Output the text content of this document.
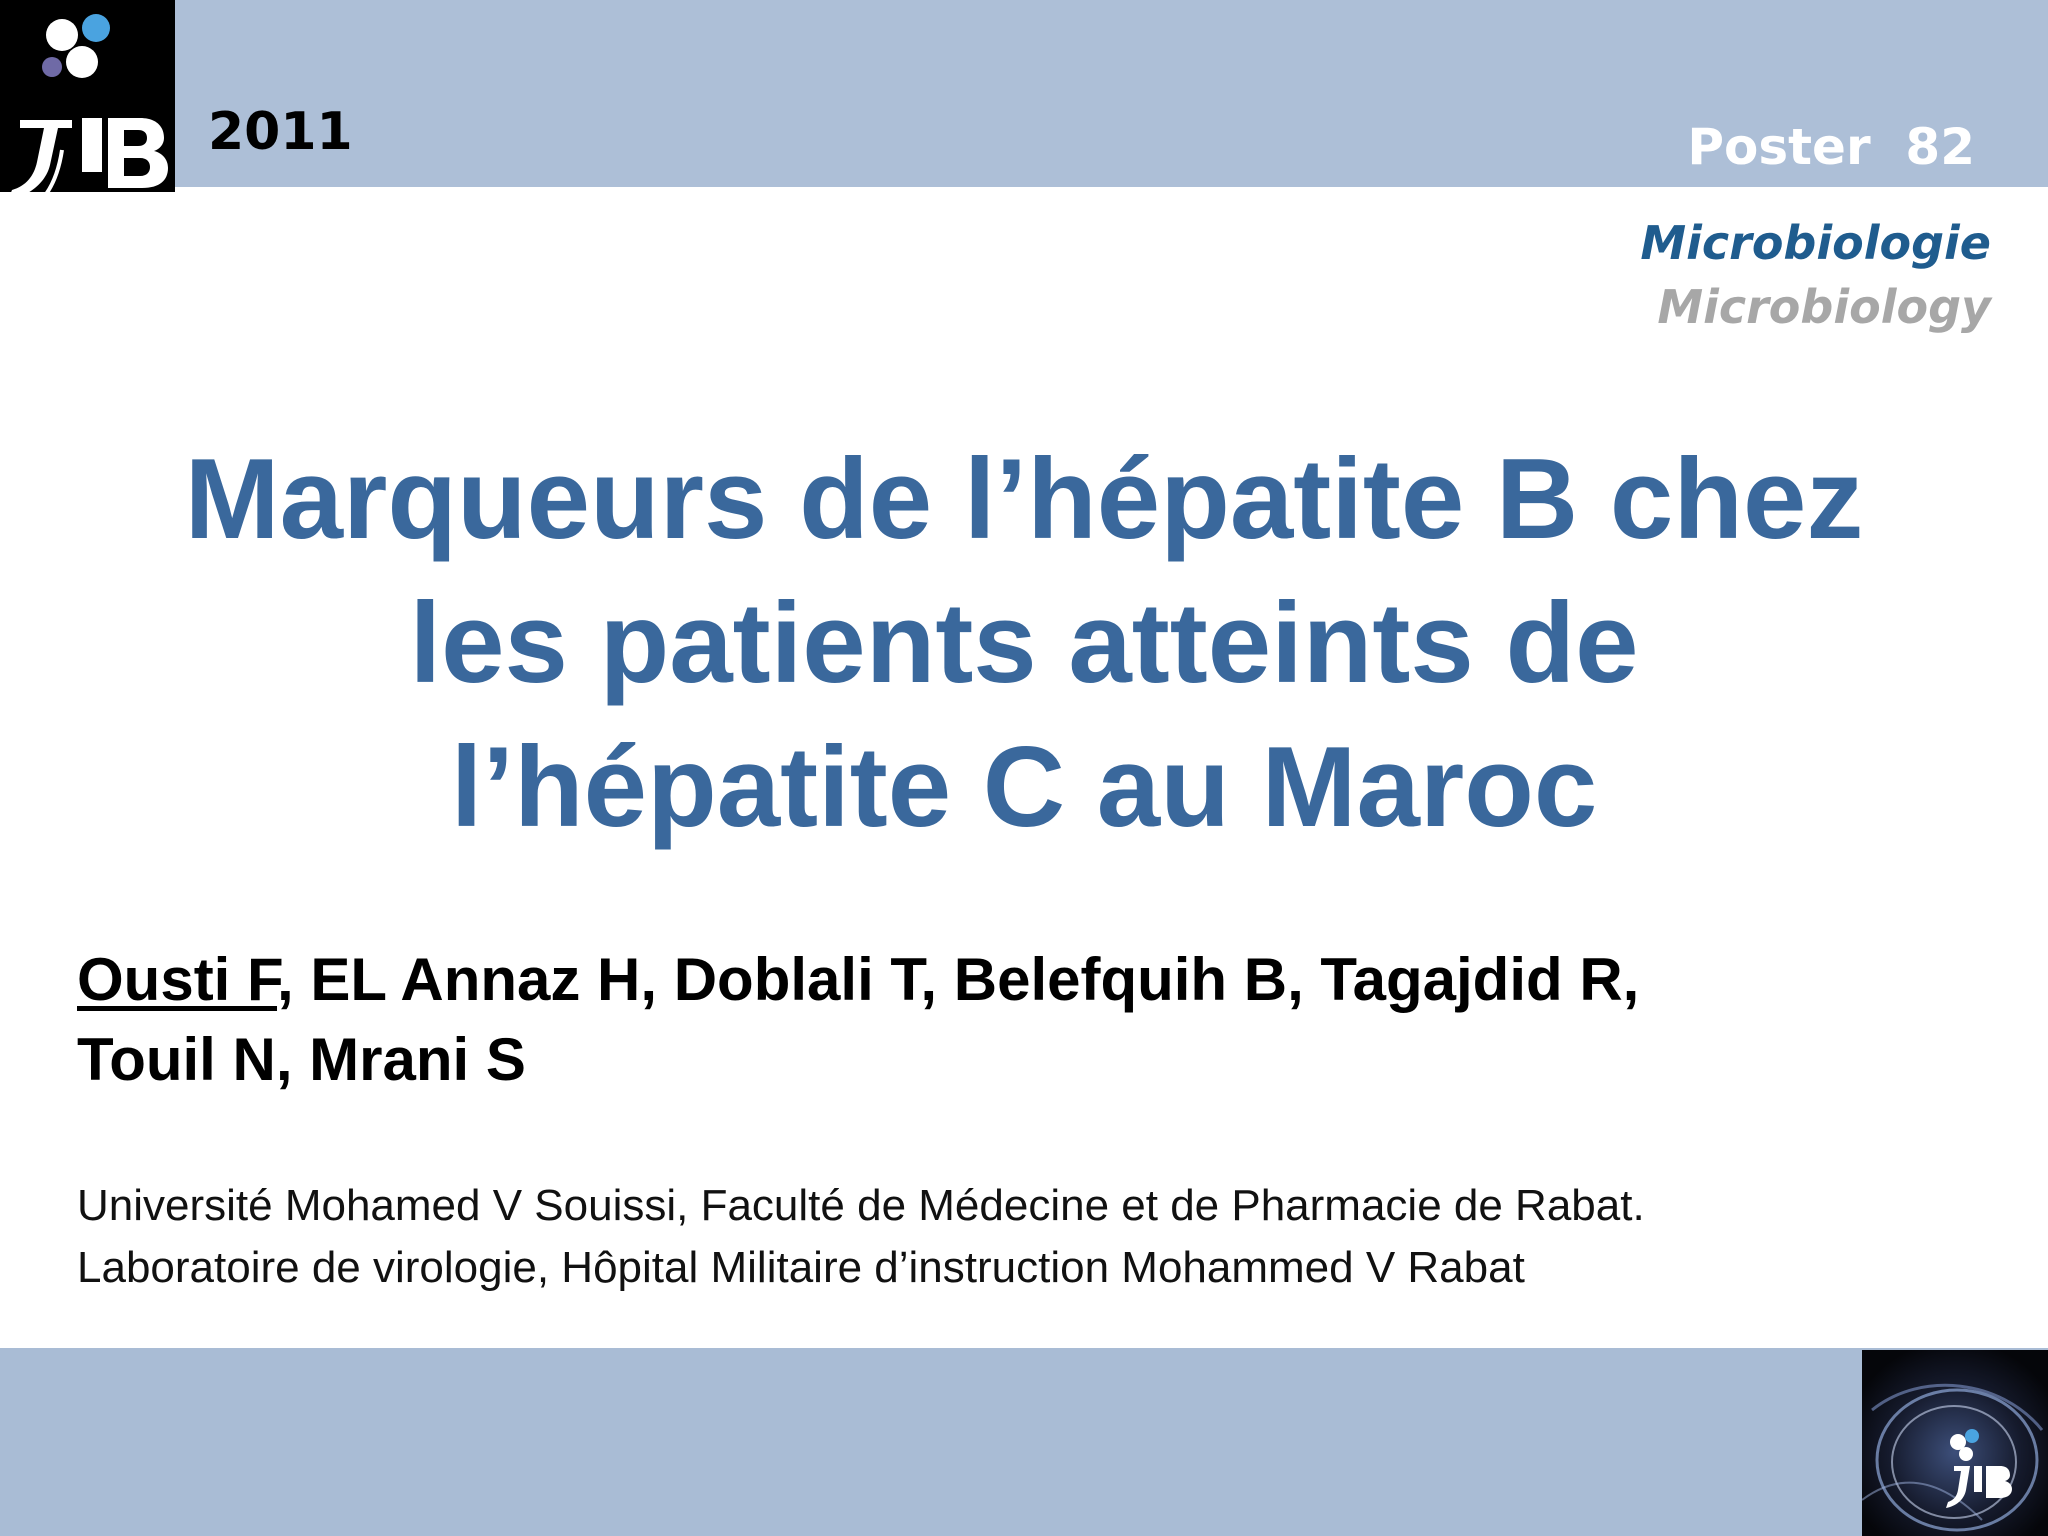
2011	Poster  82
Microbiologie
Microbiology
Marqueurs de l’hépatite B chez
les patients atteints de
l’hépatite C au Maroc
Ousti F, EL Annaz H, Doblali T, Belefquih B, Tagajdid R,
Touil N, Mrani S
Université Mohamed V Souissi, Faculté de Médecine et de Pharmacie de Rabat.
Laboratoire de virologie, Hôpital Militaire d’instruction Mohammed V Rabat
